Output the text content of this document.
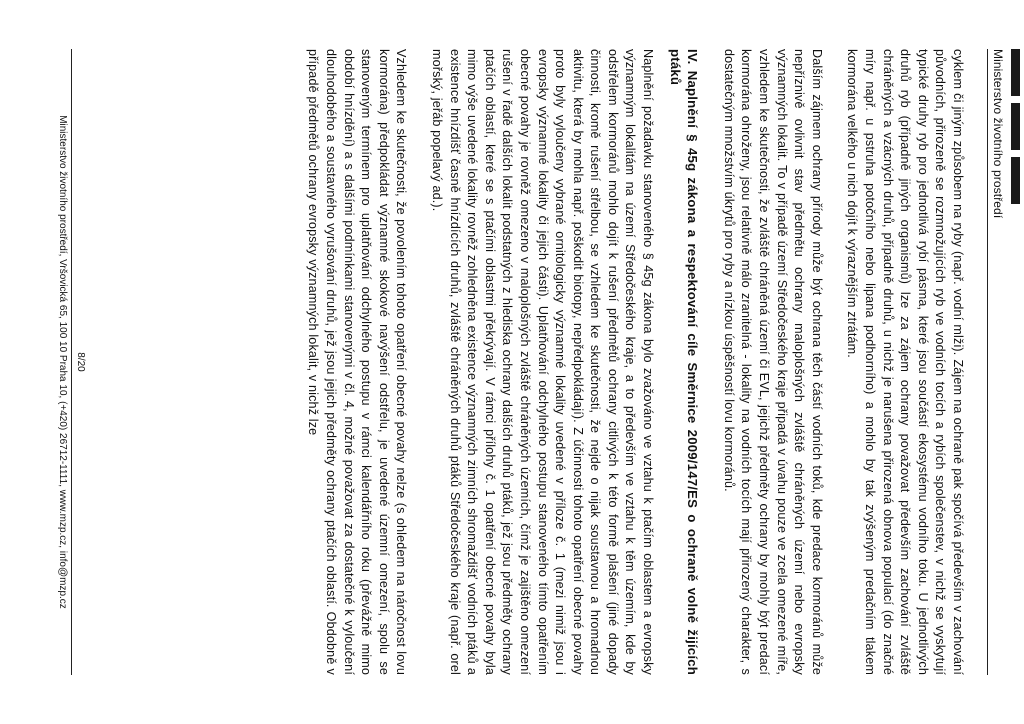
Ministerstvo životního prostředí

cyklem či jiným způsobem na ryby (např. vodní mlži). Zájem na ochraně pak spočívá především v zachování původních, přirozeně se rozmnožujících ryb ve vodních tocích a rybích společenstev, v nichž se vyskytují typické druhy ryb pro jednotlivá rybí pásma, které jsou součástí ekosystému vodního toku. U jednotlivých druhů ryb (případně jiných organismů) lze za zájem ochrany považovat především zachování zvláště chráněných a vzácných druhů, případně druhů, u nichž je narušena přirozená obnova populací (do značné míry např. u pstruha potočního nebo lipana podhorního) a mohlo by tak zvýšeným predačním tlakem kormorána velkého u nich dojít k výraznějším ztrátám.

Dalším zájmem ochrany přírody může být ochrana těch částí vodních toků, kde predace kormoránů může nepříznivě ovlivnit stav předmětu ochrany maloplošných zvláště chráněných území nebo evropsky významných lokalit. To v případě území Středočeského kraje připadá v úvahu pouze ve zcela omezené míře, vzhledem ke skutečnosti, že zvláště chráněná území či EVL, jejichž předměty ochrany by mohly být predací kormorána ohroženy, jsou relativně málo zranitelná - lokality na vodních tocích mají přirozený charakter, s dostatečným množstvím úkrytů pro ryby a nízkou úspěšností lovu kormoránů.

IV. Naplnění § 45g zákona a respektování cíle Směrnice 2009/147/ES o ochraně volně žijících ptáků

Naplnění požadavku stanoveného § 45g zákona bylo zvažováno ve vztahu k ptačím oblastem a evropsky významným lokalitám na území Středočeského kraje, a to především ve vztahu k těm územím, kde by odstřelem kormoránů mohlo dojít k rušení předmětů ochrany citlivých k této formě plašení (jiné dopady činnosti, kromě rušení střelbou, se vzhledem ke skutečnosti, že nejde o nijak soustavnou a hromadnou aktivitu, která by mohla např. poškodit biotopy, nepředpokládají). Z účinnosti tohoto opatření obecné povahy proto byly vyloučeny vybrané ornitologicky významné lokality uvedené v příloze č. 1 (mezi nimiž jsou i evropsky významné lokality či jejich části). Uplatňování odchylného postupu stanoveného tímto opatřením obecné povahy je rovněž omezeno v maloplošných zvláště chráněných územích, čímž je zajištěno omezení rušení v řadě dalších lokalit podstatných z hlediska ochrany dalších druhů ptáků, jež jsou předměty ochrany ptačích oblastí, které se s ptačími oblastmi překrývají. V rámci přílohy č. 1 opatření obecné povahy byla mimo výše uvedené lokality rovněž zohledněna existence významných zimních shromaždišť vodních ptáků a existence hnízdišť časně hnízdících druhů, zvláště chráněných druhů ptáků Středočeského kraje (např. orel mořský, jeřáb popelavý ad.).

Vzhledem ke skutečnosti, že povolením tohoto opatření obecné povahy nelze (s ohledem na náročnost lovu kormorána) předpokládat významné skokové navýšení odstřelu, je uvedené územní omezení, spolu se stanoveným termínem pro uplatňování odchylného postupu v rámci kalendářního roku (převážně mimo období hnízdění) a s dalšími podmínkami stanovenými v čl. 4, možné považovat za dostatečné k vyloučení dlouhodobého a soustavného vyrušování druhů, jež jsou jejich předměty ochrany ptačích oblastí. Obdobně v případě předmětů ochrany evropsky významných lokalit, v nichž lze

8/20
Ministerstvo životního prostředí, Vršovická 65, 100 10 Praha 10, (+420) 26712-1111, www.mzp.cz, info@mzp.cz
